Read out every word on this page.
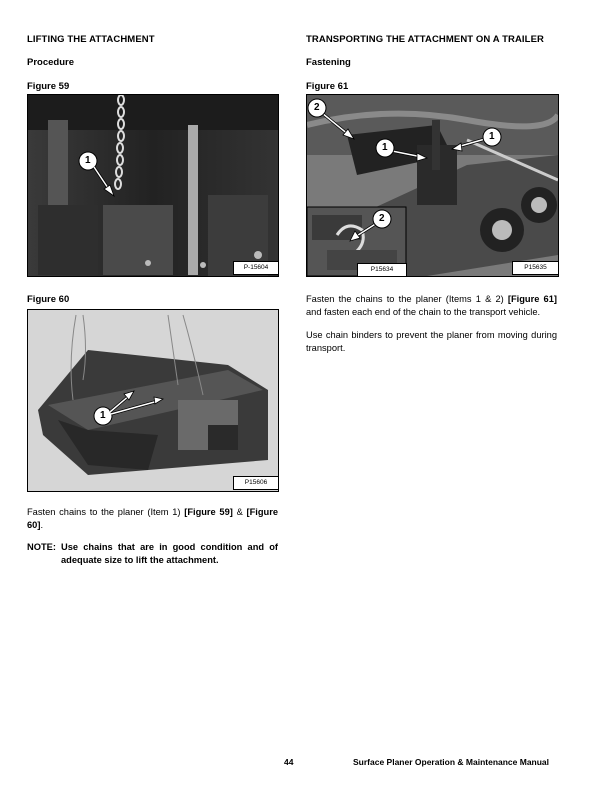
LIFTING THE ATTACHMENT
Procedure
Figure 59
1
P-15604
Figure 60
1
P15606
Fasten chains to the planer (Item 1) [Figure 59] & [Figure 60].
NOTE: Use chains that are in good condition and of adequate size to lift the attachment.
TRANSPORTING THE ATTACHMENT ON A TRAILER
Fastening
Figure 61
2
1
1
2
P15634	P15635
Fasten the chains to the planer (Items 1 & 2) [Figure 61] and fasten each end of the chain to the transport vehicle.
Use chain binders to prevent the planer from moving during transport.
44	Surface Planer Operation & Maintenance Manual
